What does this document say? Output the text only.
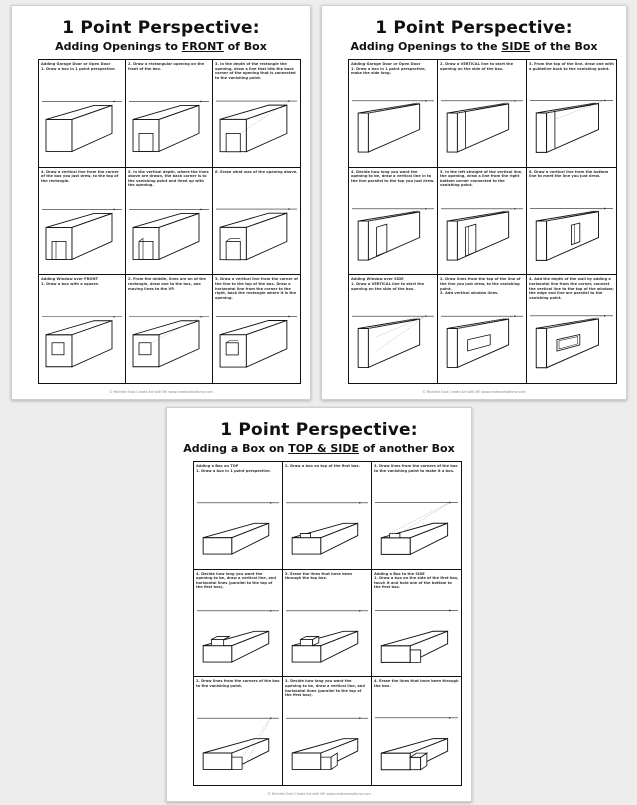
1 Point Perspective:
Adding Openings to FRONT of Box
Adding Garage Door or Open Door
1. Draw a box in 1 point perspective.
2. Draw a rectangular opening on the front of the box.
3. In the depth of the rectangle the opening, draw a line that hits the back corner of the opening that is connected to the vanishing point.
4. Draw a vertical line from the corner of the box you just drew, to the top of the rectangle.
5. In the vertical depth, where the lines above are drawn, the back corner is to the vanishing point and lined up with the opening.
6. Erase what was of the opening above.
Adding Window over FRONT
1. Draw a box with a square.
2. From the middle, lines are on of the rectangle, draw one to the box, one moving lines to the VP.
3. Draw a vertical line from the corner of the line to the top of the box. Draw a horizontal line from the corner to the right, back the rectangle where it is the opening.
© Michelle East Create Art with ME www.createartwithme.com
1 Point Perspective:
Adding Openings to the SIDE of the Box
Adding Garage Door or Open Door
1. Draw a box in 1 point perspective, make the side long.
2. Draw a VERTICAL line to start the opening on the side of the box.
3. From the top of the line, draw one with a guideline back to the vanishing point.
4. Decide how long you want the opening to be, draw a vertical line in to the line parallel to the top you just drew.
5. In the left straight of the vertical line, the opening, draw a line from the right bottom corner connected to the vanishing point.
6. Draw a vertical line from the bottom line to meet the line you just drew.
Adding Window over SIDE
1. Draw a VERTICAL line to start the opening on the side of the box.
2. Draw lines from the top of the line of the line you just drew, to the vanishing point.
3. Add vertical window lines.
4. Add the depth of the wall by adding a horizontal line from the corner, connect the vertical line to the top of the window; the edge and line are parallel to the vanishing point.
© Michelle East Create Art with ME www.createartwithme.com
1 Point Perspective:
Adding a Box on TOP & SIDE of another Box
Adding a Box on TOP
1. Draw a box in 1 point perspective.
2. Draw a box on top of the first box.	3. Draw lines from the corners of the box to the vanishing point to make it a box.
4. Decide how long you want the opening to be, draw a vertical line, and horizontal lines (parallel to the top of the first box).
5. Erase the lines that have been through the top box.
Adding a Box to the SIDE
1. Draw a box on the side of the first box, touch it and hold one of the bottom to the first box.
2. Draw lines from the corners of the box to the vanishing point.
3. Decide how long you want the opening to be, draw a vertical line, and horizontal lines (parallel to the top of the first box).
4. Erase the lines that have been through the box.
© Michelle East Create Art with ME www.createartwithme.com
